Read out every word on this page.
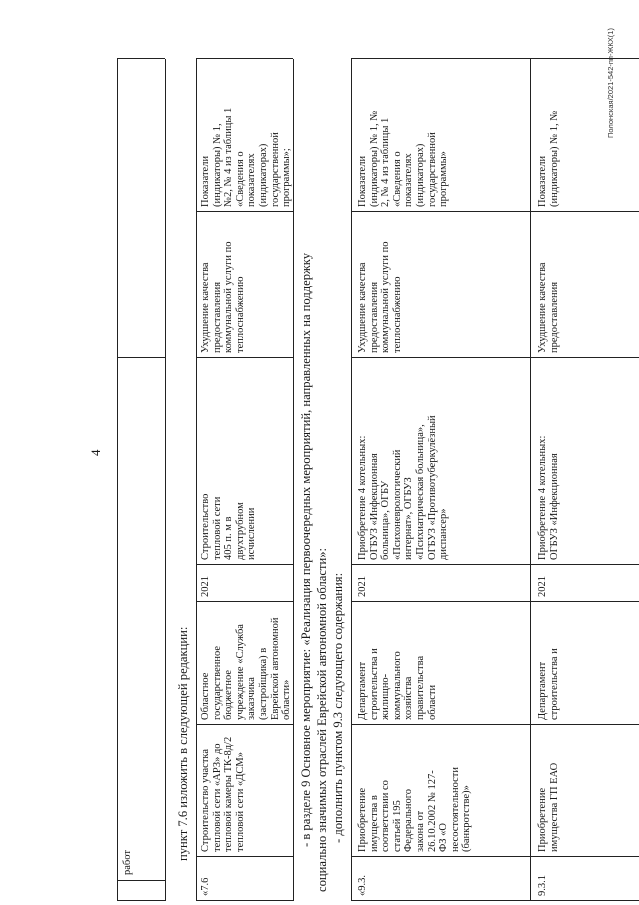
4
работ
пункт 7.6 изложить в следующей редакции:
«7.6
Строительство участка
тепловой сети «АРЗ» до
тепловой камеры ТК-8д/2
тепловой сети «ДСМ»
Областное
государственное
бюджетное
учреждение «Служба
заказчика
(застройщика) в
Еврейской автономной
области»
2021
Строительство
тепловой сети
405 п. м в
двухтрубном
исчислении
Ухудшение качества
предоставления
коммунальной услуги по
теплоснабжению
Показатели
(индикаторы) № 1,
№2, № 4 из таблицы 1
«Сведения о
показателях
(индикаторах)
государственной
программы»;
- в разделе 9 Основное мероприятие: «Реализация первоочередных мероприятий, направленных на поддержку социально значимых отраслей Еврейской автономной области»: - дополнить пунктом 9.3 следующего содержания:
«9.3.
Приобретение
имущества в
соответствии со
статьей 195
Федерального
закона от
26.10.2002 № 127-
ФЗ «О
несостоятельности
(банкротстве)»
Департамент
строительства и
жилищно-
коммунального
хозяйства
правительства
области
2021
Приобретение 4 котельных:
ОГБУЗ «Инфекционная
больница», ОГБУ
«Психоневрологический
интернат», ОГБУЗ
«Психиатрическая больница»,
ОГБУЗ «Противотуберкулёзный
диспансер»
Ухудшение качества
предоставления
коммунальной услуги по
теплоснабжению
Показатели
(индикаторы) № 1, №
2, № 4 из таблицы 1
«Сведения о
показателях
(индикаторах)
государственной
программы»
9.3.1
Приобретение
имущества ГП ЕАО
Департамент
строительства и
2021
Приобретение 4 котельных:
ОГБУЗ «Инфекционная
Ухудшение качества
предоставления
Показатели
(индикаторы) № 1, №	Полонская/2021-542-пп-ЖКХ(1)
